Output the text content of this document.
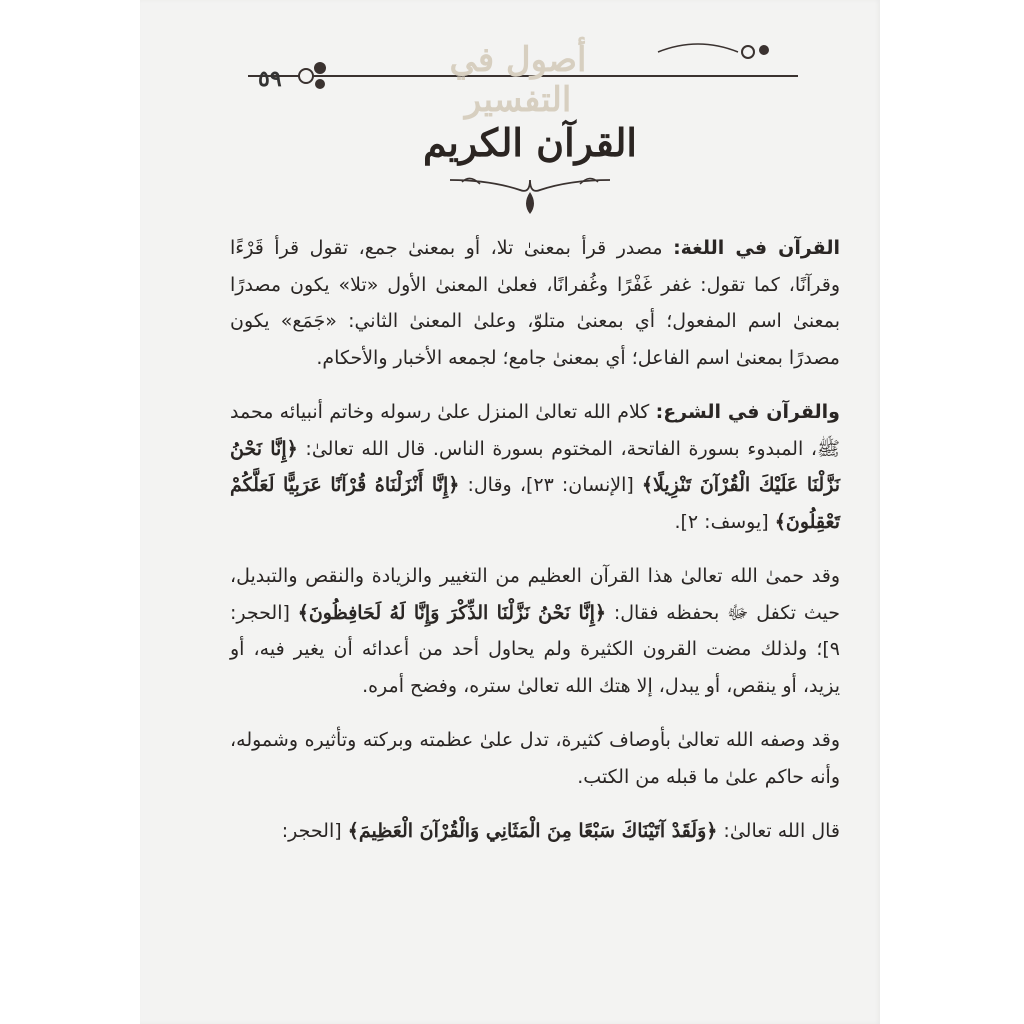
أصول في التفسير
٥٩
القرآن الكريم

القرآن في اللغة: مصدر قرأ بمعنىٰ تلا، أو بمعنىٰ جمع، تقول قرأ قَرْءًا وقرآنًا، كما تقول: غفر غَفْرًا وغُفرانًا، فعلىٰ المعنىٰ الأول «تلا» يكون مصدرًا بمعنىٰ اسم المفعول؛ أي بمعنىٰ متلوّ، وعلىٰ المعنىٰ الثاني: «جَمَع» يكون مصدرًا بمعنىٰ اسم الفاعل؛ أي بمعنىٰ جامع؛ لجمعه الأخبار والأحكام.

والقرآن في الشرع: كلام الله تعالىٰ المنزل علىٰ رسوله وخاتم أنبيائه محمد ﷺ، المبدوء بسورة الفاتحة، المختوم بسورة الناس. قال الله تعالىٰ: ﴿إِنَّا نَحْنُ نَزَّلْنَا عَلَيْكَ الْقُرْآنَ تَنْزِيلًا﴾ [الإنسان: ٢٣]، وقال: ﴿إِنَّا أَنْزَلْنَاهُ قُرْآنًا عَرَبِيًّا لَعَلَّكُمْ تَعْقِلُونَ﴾ [يوسف: ٢].

وقد حمىٰ الله تعالىٰ هذا القرآن العظيم من التغيير والزيادة والنقص والتبديل، حيث تكفل ﷻ بحفظه فقال: ﴿إِنَّا نَحْنُ نَزَّلْنَا الذِّكْرَ وَإِنَّا لَهُ لَحَافِظُونَ﴾ [الحجر: ٩]؛ ولذلك مضت القرون الكثيرة ولم يحاول أحد من أعدائه أن يغير فيه، أو يزيد، أو ينقص، أو يبدل، إلا هتك الله تعالىٰ ستره، وفضح أمره.

وقد وصفه الله تعالىٰ بأوصاف كثيرة، تدل علىٰ عظمته وبركته وتأثيره وشموله، وأنه حاكم علىٰ ما قبله من الكتب.

قال الله تعالىٰ: ﴿وَلَقَدْ آتَيْنَاكَ سَبْعًا مِنَ الْمَثَانِي وَالْقُرْآنَ الْعَظِيمَ﴾ [الحجر:
